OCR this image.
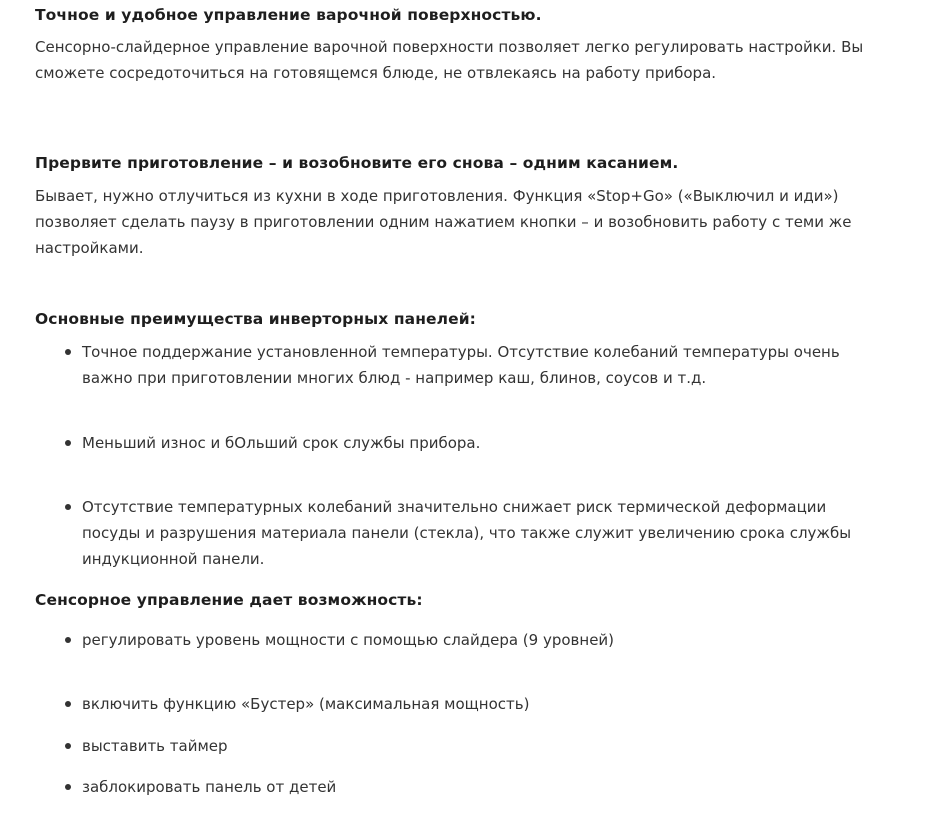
Точное и удобное управление варочной поверхностью.
Сенсорно-слайдерное управление варочной поверхности позволяет легко регулировать настройки. Вы сможете сосредоточиться на готовящемся блюде, не отвлекаясь на работу прибора.
Прервите приготовление – и возобновите его снова – одним касанием.
Бывает, нужно отлучиться из кухни в ходе приготовления. Функция «Stop+Go» («Выключил и иди») позволяет сделать паузу в приготовлении одним нажатием кнопки – и возобновить работу с теми же настройками.
Основные преимущества инверторных панелей:
Точное поддержание установленной температуры. Отсутствие колебаний температуры очень важно при приготовлении многих блюд - например каш, блинов, соусов и т.д.
Меньший износ и бОльший срок службы прибора.
Отсутствие температурных колебаний значительно снижает риск термической деформации посуды и разрушения материала панели (стекла), что также служит увеличению срока службы индукционной панели.
Сенсорное управление дает возможность:
регулировать уровень мощности с помощью слайдера (9 уровней)
включить функцию «Бустер» (максимальная мощность)
выставить таймер
заблокировать панель от детей
